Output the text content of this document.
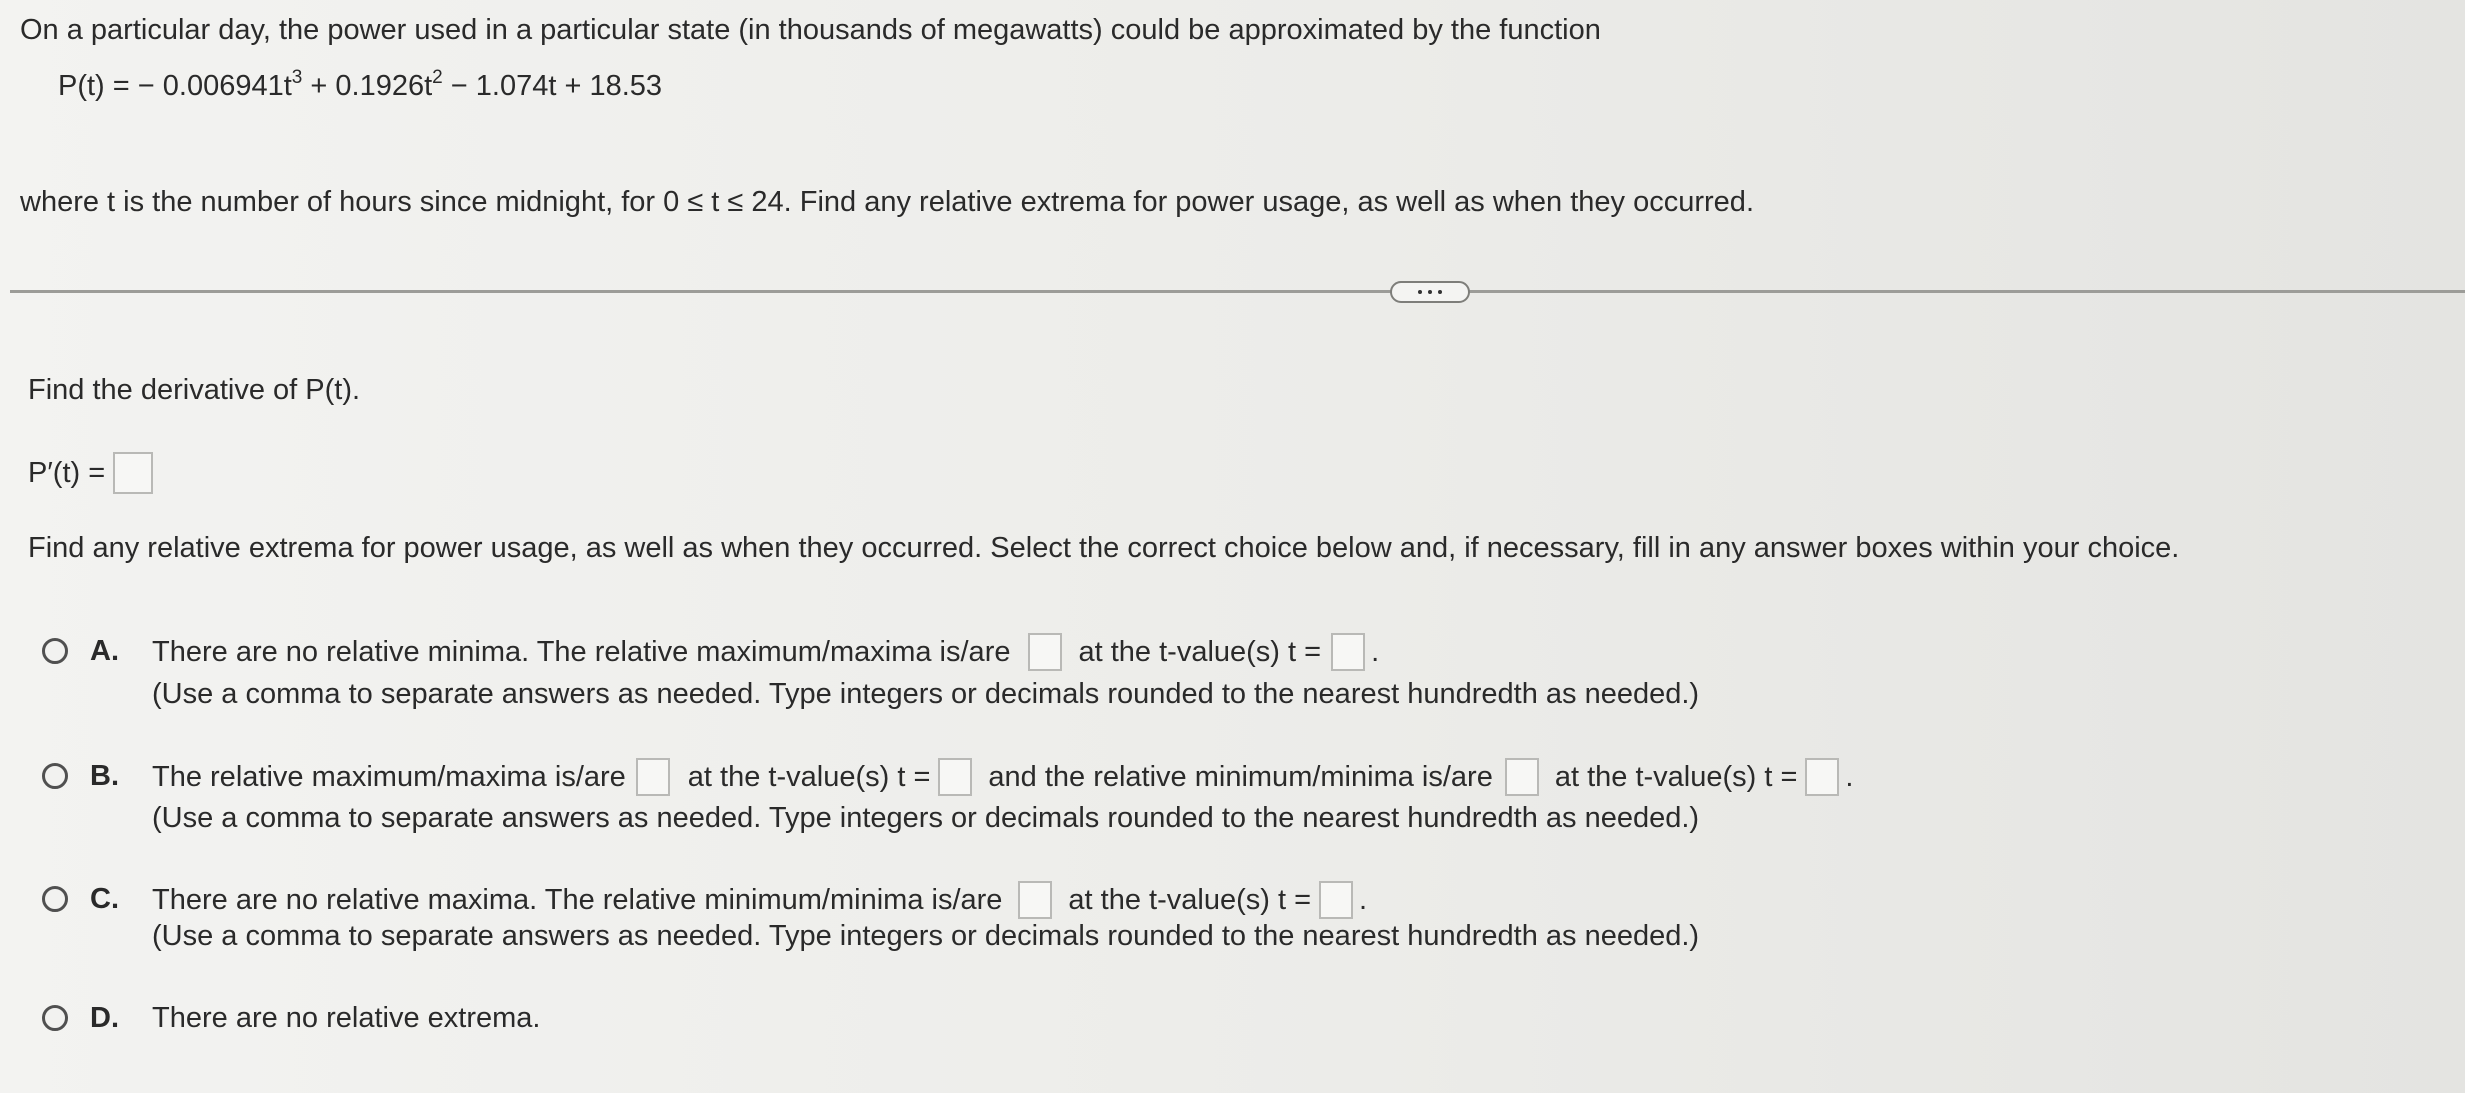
On a particular day, the power used in a particular state (in thousands of megawatts) could be approximated by the function
P(t) = − $0.006941t^3 + 0.1926t^2 - 1.074t + 18.53$
where t is the number of hours since midnight, for 0 ≤ t ≤ 24. Find any relative extrema for power usage, as well as when they occurred.
Find the derivative of P(t).
P′(t) =
Find any relative extrema for power usage, as well as when they occurred. Select the correct choice below and, if necessary, fill in any answer boxes within your choice.
A. There are no relative minima. The relative maximum/maxima is/are at the t-value(s) t = .
(Use a comma to separate answers as needed. Type integers or decimals rounded to the nearest hundredth as needed.)
B. The relative maximum/maxima is/are at the t-value(s) t = and the relative minimum/minima is/are at the t-value(s) t = .
(Use a comma to separate answers as needed. Type integers or decimals rounded to the nearest hundredth as needed.)
C. There are no relative maxima. The relative minimum/minima is/are at the t-value(s) t = .
(Use a comma to separate answers as needed. Type integers or decimals rounded to the nearest hundredth as needed.)
D. There are no relative extrema.
